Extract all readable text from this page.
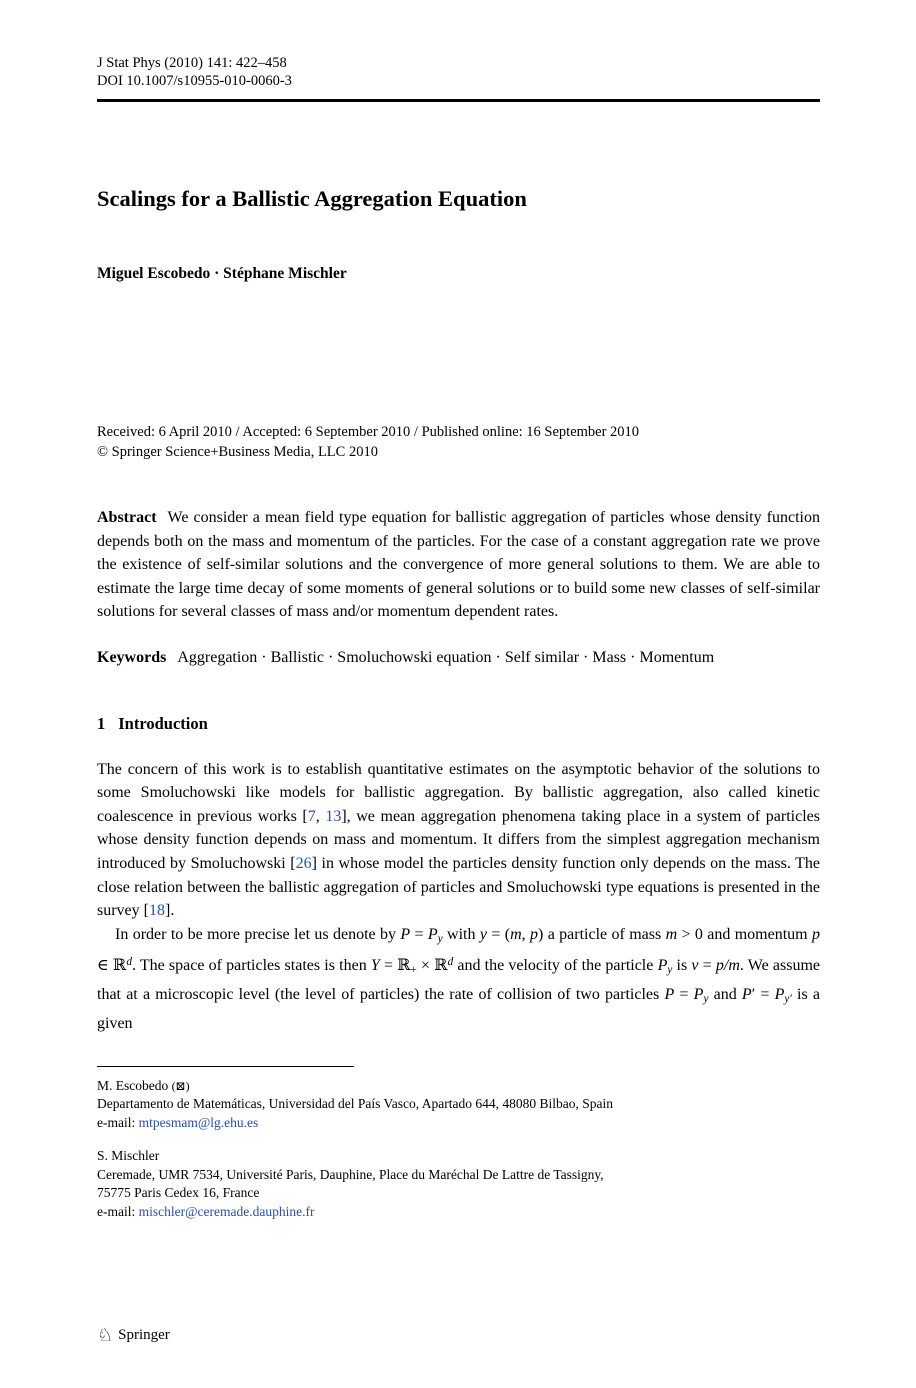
J Stat Phys (2010) 141: 422–458
DOI 10.1007/s10955-010-0060-3
Scalings for a Ballistic Aggregation Equation
Miguel Escobedo · Stéphane Mischler
Received: 6 April 2010 / Accepted: 6 September 2010 / Published online: 16 September 2010
© Springer Science+Business Media, LLC 2010

Abstract We consider a mean field type equation for ballistic aggregation of particles whose density function depends both on the mass and momentum of the particles. For the case of a constant aggregation rate we prove the existence of self-similar solutions and the convergence of more general solutions to them. We are able to estimate the large time decay of some moments of general solutions or to build some new classes of self-similar solutions for several classes of mass and/or momentum dependent rates.

Keywords Aggregation · Ballistic · Smoluchowski equation · Self similar · Mass · Momentum

1 Introduction

The concern of this work is to establish quantitative estimates on the asymptotic behavior of the solutions to some Smoluchowski like models for ballistic aggregation. By ballistic aggregation, also called kinetic coalescence in previous works [7, 13], we mean aggregation phenomena taking place in a system of particles whose density function depends on mass and momentum. It differs from the simplest aggregation mechanism introduced by Smoluchowski [26] in whose model the particles density function only depends on the mass. The close relation between the ballistic aggregation of particles and Smoluchowski type equations is presented in the survey [18].

In order to be more precise let us denote by P = Py with y = (m, p) a particle of mass m > 0 and momentum p ∈ ℝ$^d$. The space of particles states is then Y = ℝ+ × ℝ$^d$ and the velocity of the particle Py is v = p/m. We assume that at a microscopic level (the level of particles) the rate of collision of two particles P = Py and P′ = Py′ is a given

M. Escobedo (⊠)
Departamento de Matemáticas, Universidad del País Vasco, Apartado 644, 48080 Bilbao, Spain
e-mail: mtpesmam@lg.ehu.es
S. Mischler
Ceremade, UMR 7534, Université Paris, Dauphine, Place du Maréchal De Lattre de Tassigny,
75775 Paris Cedex 16, France
e-mail: mischler@ceremade.dauphine.fr
♘ Springer
